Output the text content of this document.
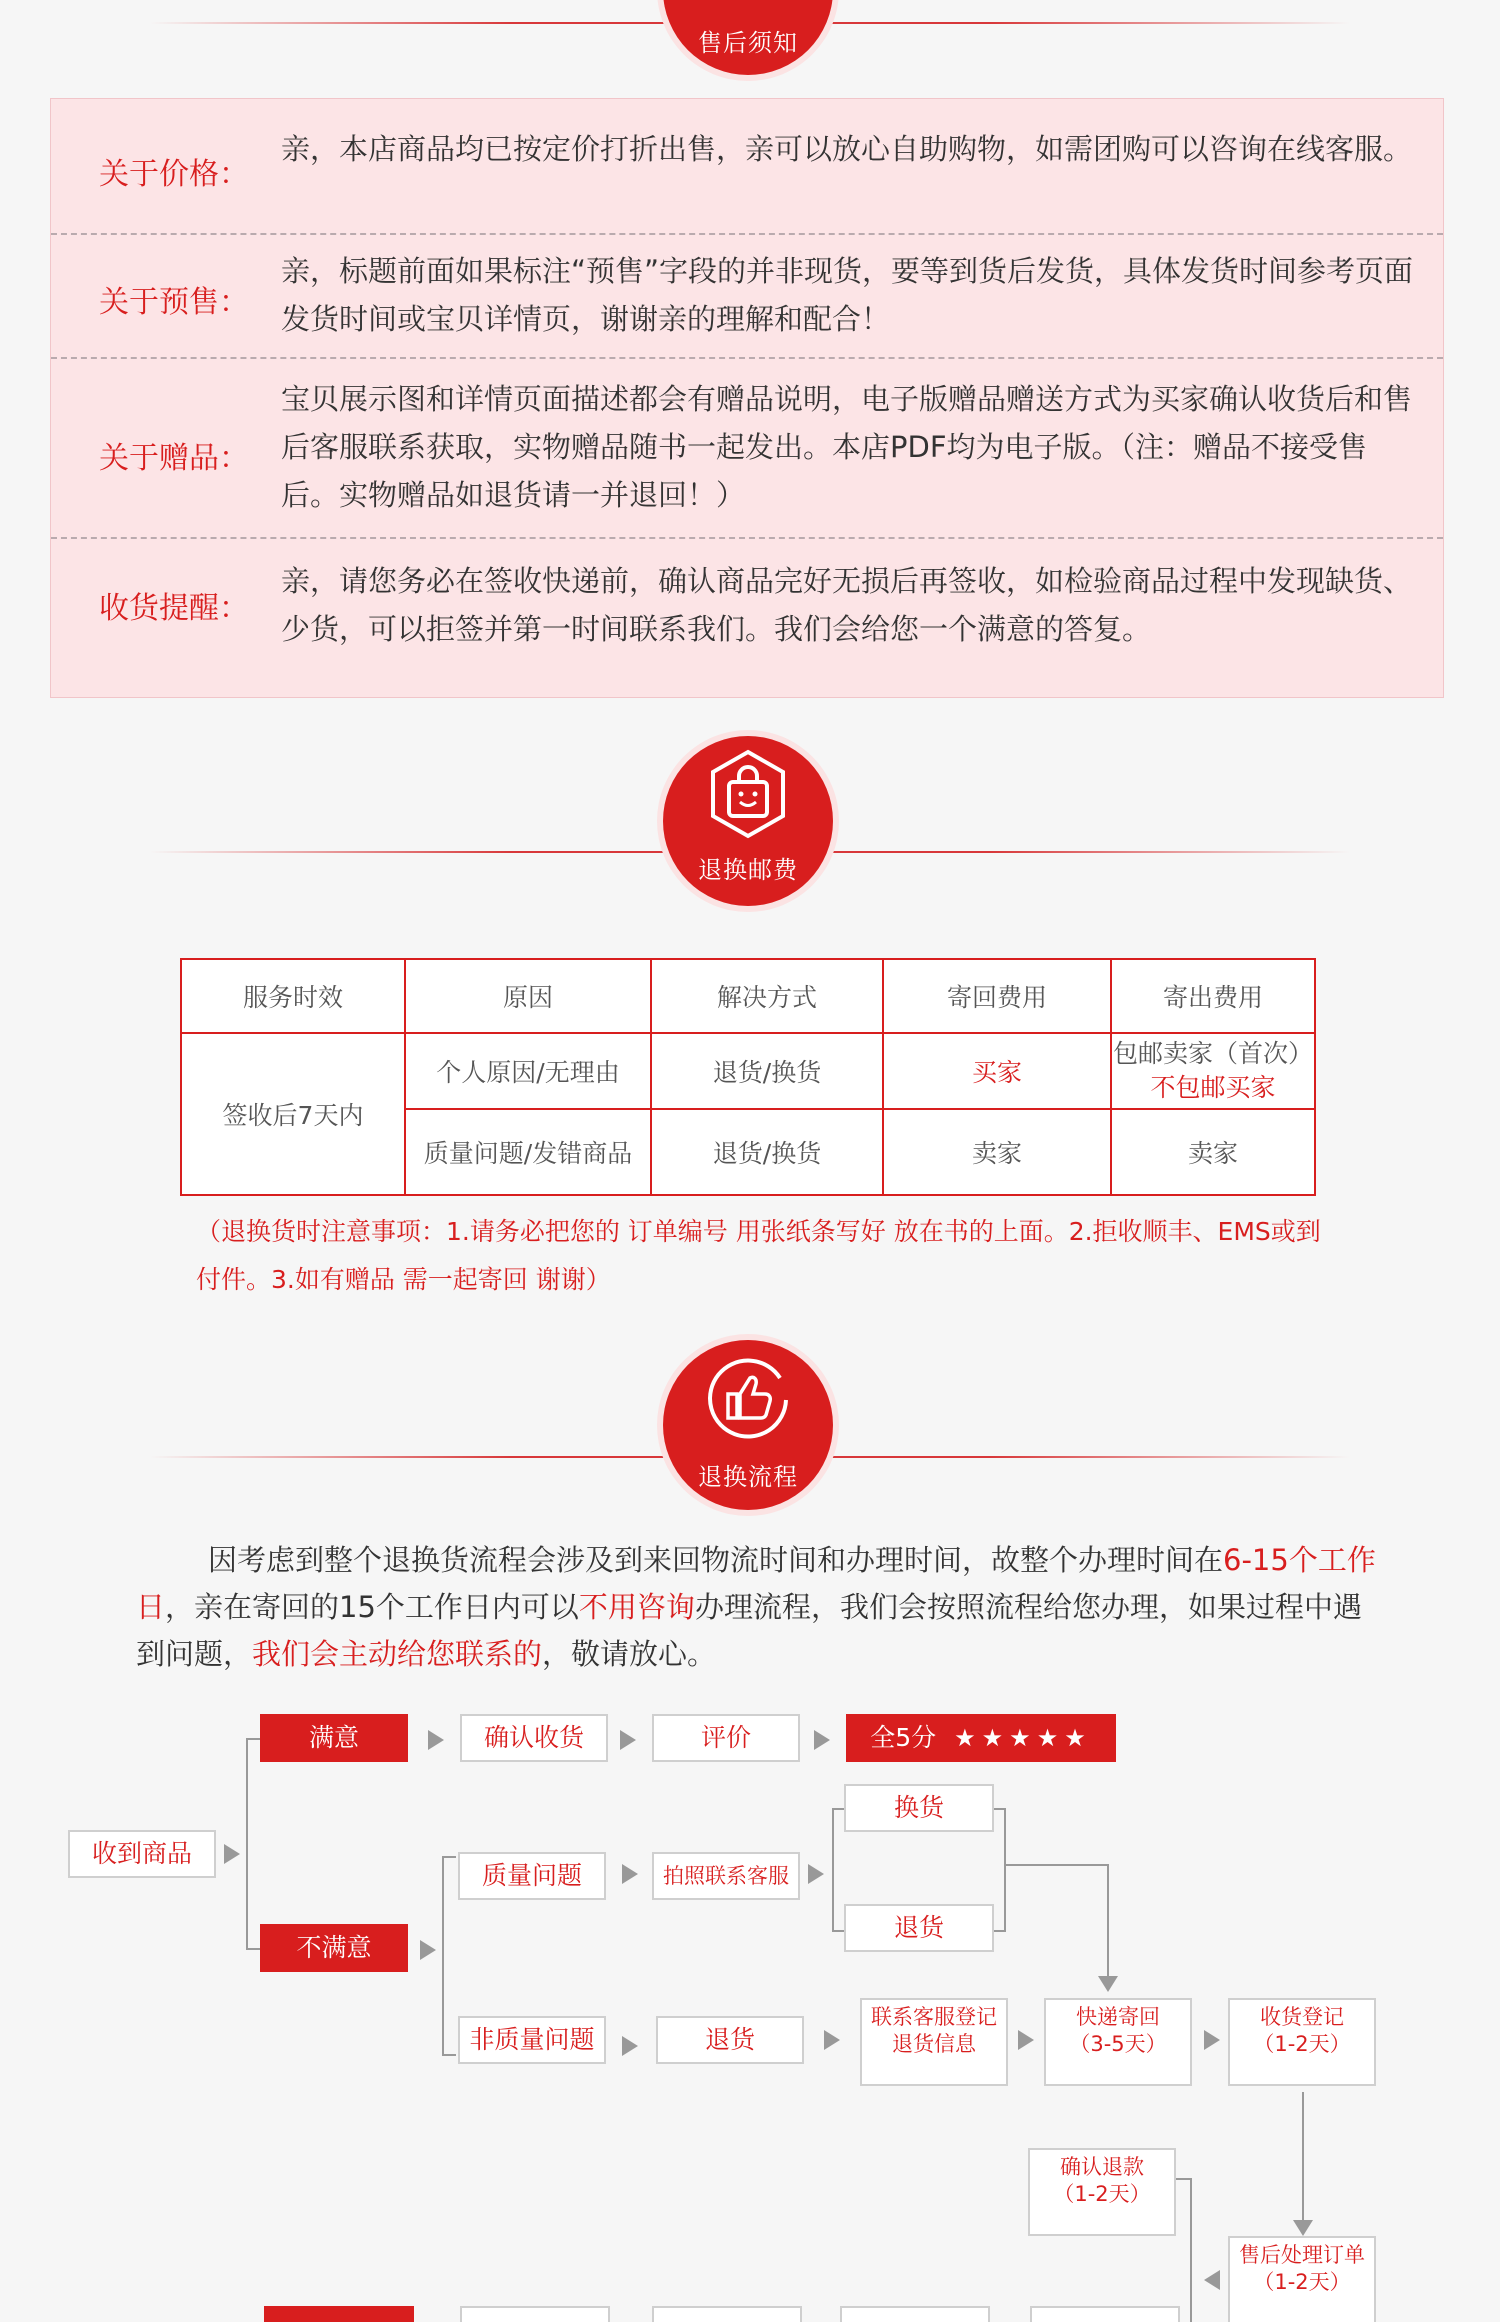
售后须知
关于价格：
亲，本店商品均已按定价打折出售，亲可以放心自助购物，如需团购可以咨询在线客服。
关于预售：
亲，标题前面如果标注“预售”字段的并非现货，要等到货后发货，具体发货时间参考页面发货时间或宝贝详情页，谢谢亲的理解和配合！
关于赠品：
宝贝展示图和详情页面描述都会有赠品说明，电子版赠品赠送方式为买家确认收货后和售后客服联系获取，实物赠品随书一起发出。本店PDF均为电子版。（注：赠品不接受售后。实物赠品如退货请一并退回！）
收货提醒：
亲，请您务必在签收快递前，确认商品完好无损后再签收，如检验商品过程中发现缺货、少货，可以拒签并第一时间联系我们。我们会给您一个满意的答复。
退换邮费
服务时效	原因	解决方式	寄回费用	寄出费用
签收后7天内	个人原因/无理由	退货/换货	买家	包邮卖家（首次）
不包邮买家

	质量问题/发错商品	退货/换货	卖家	卖家
（退换货时注意事项：1.请务必把您的 订单编号 用张纸条写好 放在书的上面。2.拒收顺丰、EMS或到付件。3.如有赠品 需一起寄回 谢谢）
退换流程
因考虑到整个退换货流程会涉及到来回物流时间和办理时间，故整个办理时间在6-15个工作日，亲在寄回的15个工作日内可以不用咨询办理流程，我们会按照流程给您办理，如果过程中遇到问题，我们会主动给您联系的，敬请放心。
收到商品
满意	确认收货	评价	全5分 ★★★★★
不满意
质量问题	拍照联系客服
换货
退货
非质量问题	退货
联系客服登记
退货信息
快递寄回
（3-5天）
收货登记
（1-2天）
确认退款
（1-2天）
售后处理订单
（1-2天）
